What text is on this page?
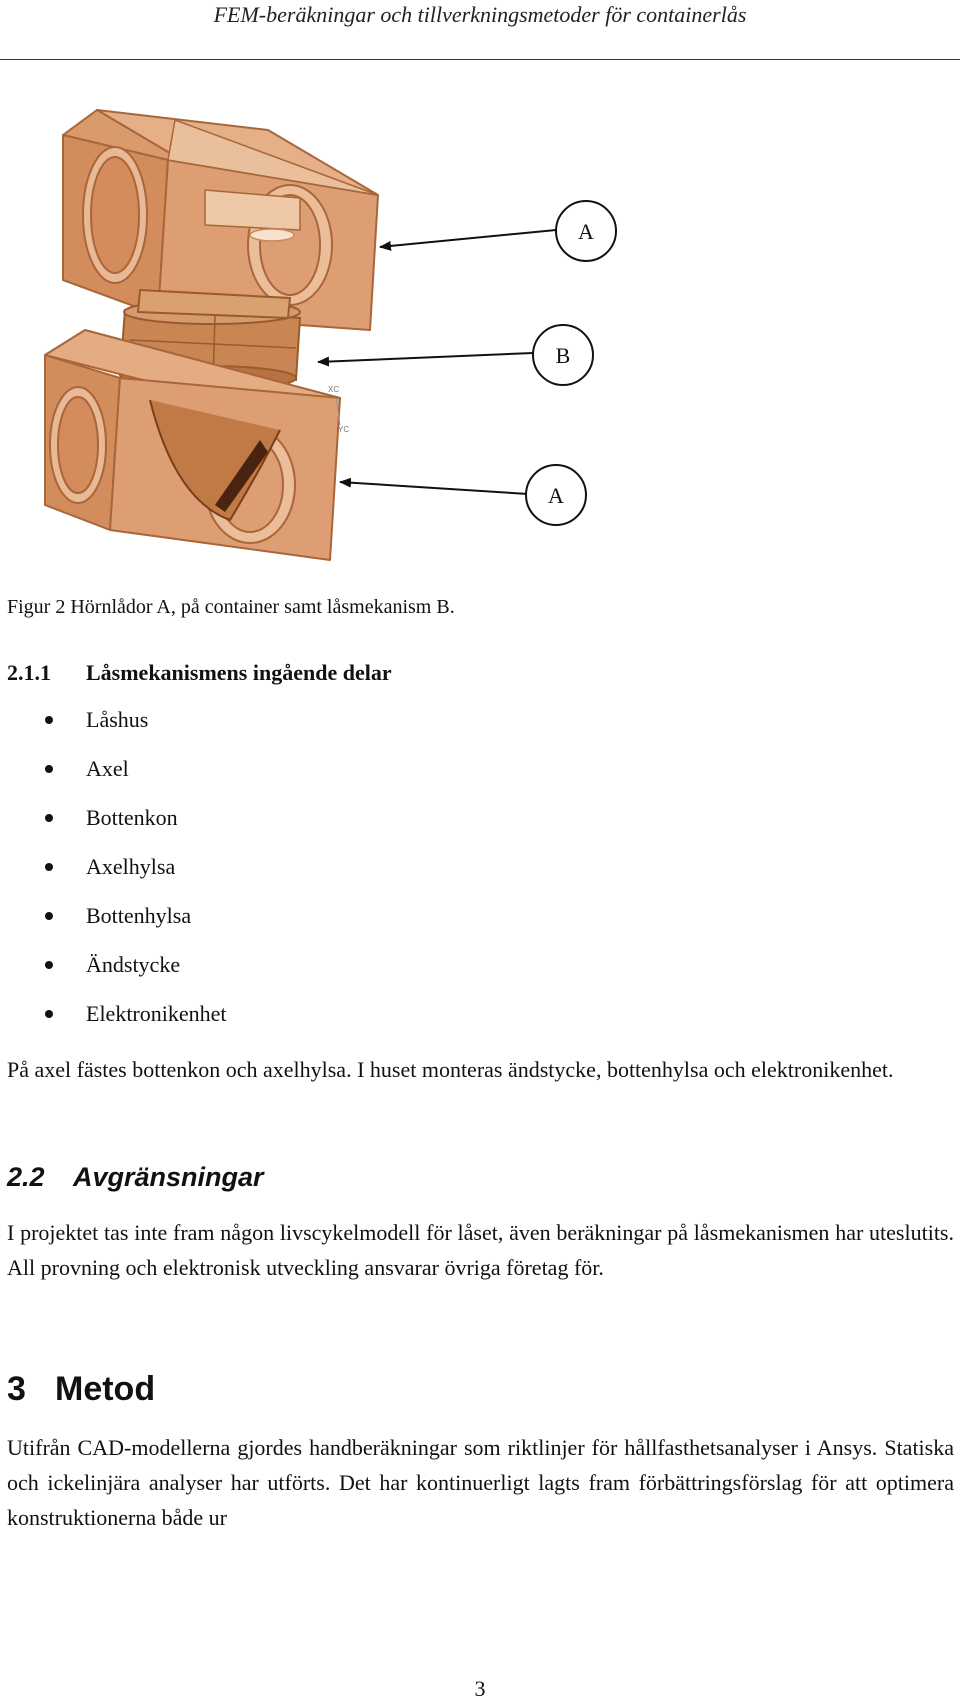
FEM-beräkningar och tillverkningsmetoder för containerlås
XC
YC
A
B
A
Figur 2 Hörnlådor A, på container samt låsmekanism B.
2.1.1 Låsmekanismens ingående delar
Låshus
Axel
Bottenkon
Axelhylsa
Bottenhylsa
Ändstycke
Elektronikenhet

På axel fästes bottenkon och axelhylsa. I huset monteras ändstycke, bottenhylsa och elektronikenhet.

2.2 Avgränsningar

I projektet tas inte fram någon livscykelmodell för låset, även beräkningar på låsmekanismen har uteslutits. All provning och elektronisk utveckling ansvarar övriga företag för.

3 Metod

Utifrån CAD-modellerna gjordes handberäkningar som riktlinjer för hållfasthetsanalyser i Ansys. Statiska och ickelinjära analyser har utförts. Det har kontinuerligt lagts fram förbättringsförslag för att optimera konstruktionerna både ur

3
